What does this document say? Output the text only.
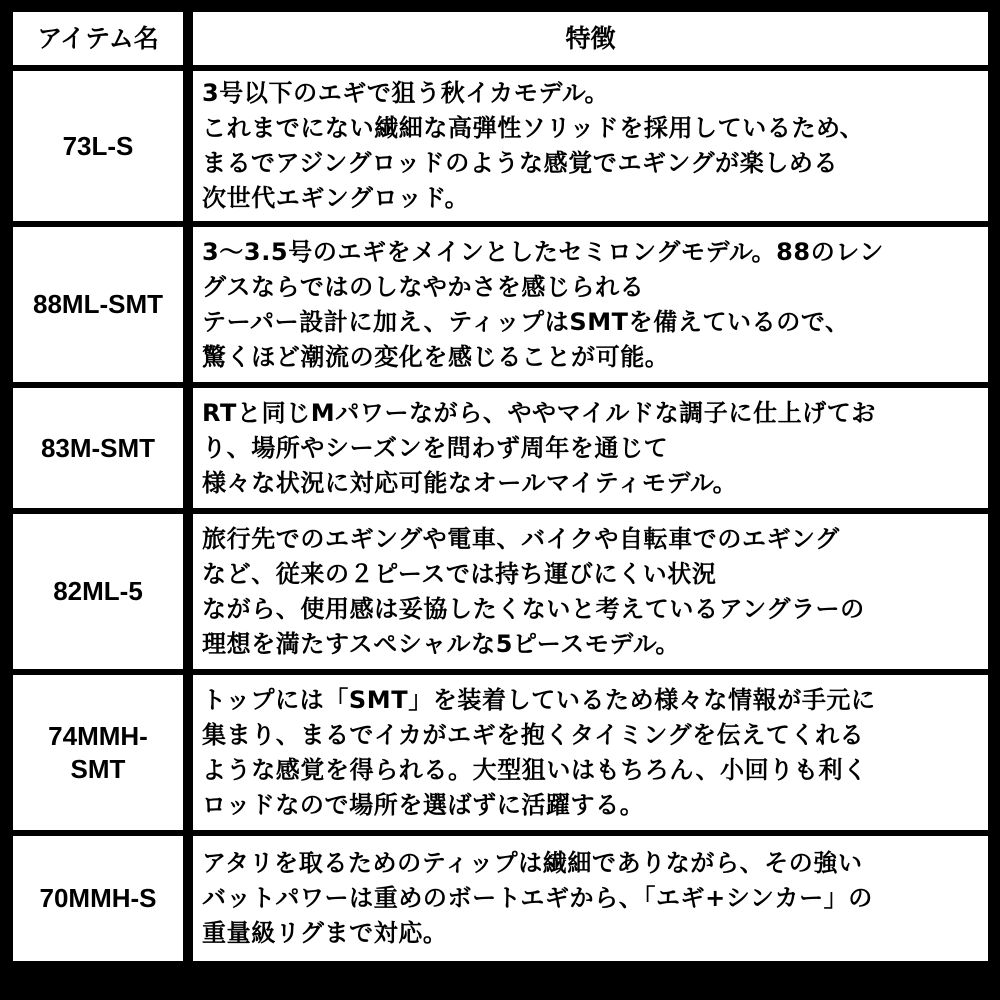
アイテム名	特徴
73L-S
3号以下のエギで狙う秋イカモデル。
これまでにない繊細な高弾性ソリッドを採用しているため、
まるでアジングロッドのような感覚でエギングが楽しめる
次世代エギングロッド。
88ML-SMT
3〜3.5号のエギをメインとしたセミロングモデル。88のレン
グスならではのしなやかさを感じられる
テーパー設計に加え、ティップはSMTを備えているので、
驚くほど潮流の変化を感じることが可能。
83M-SMT
RTと同じMパワーながら、ややマイルドな調子に仕上げてお
り、場所やシーズンを問わず周年を通じて
様々な状況に対応可能なオールマイティモデル。
82ML-5
旅行先でのエギングや電車、バイクや自転車でのエギング
など、従来の２ピースでは持ち運びにくい状況
ながら、使用感は妥協したくないと考えているアングラーの
理想を満たすスペシャルな5ピースモデル。
74MMH-
SMT
トップには「SMT」を装着しているため様々な情報が手元に
集まり、まるでイカがエギを抱くタイミングを伝えてくれる
ような感覚を得られる。大型狙いはもちろん、小回りも利く
ロッドなので場所を選ばずに活躍する。
70MMH-S
アタリを取るためのティップは繊細でありながら、その強い
バットパワーは重めのボートエギから、「エギ+シンカー」の
重量級リグまで対応。
